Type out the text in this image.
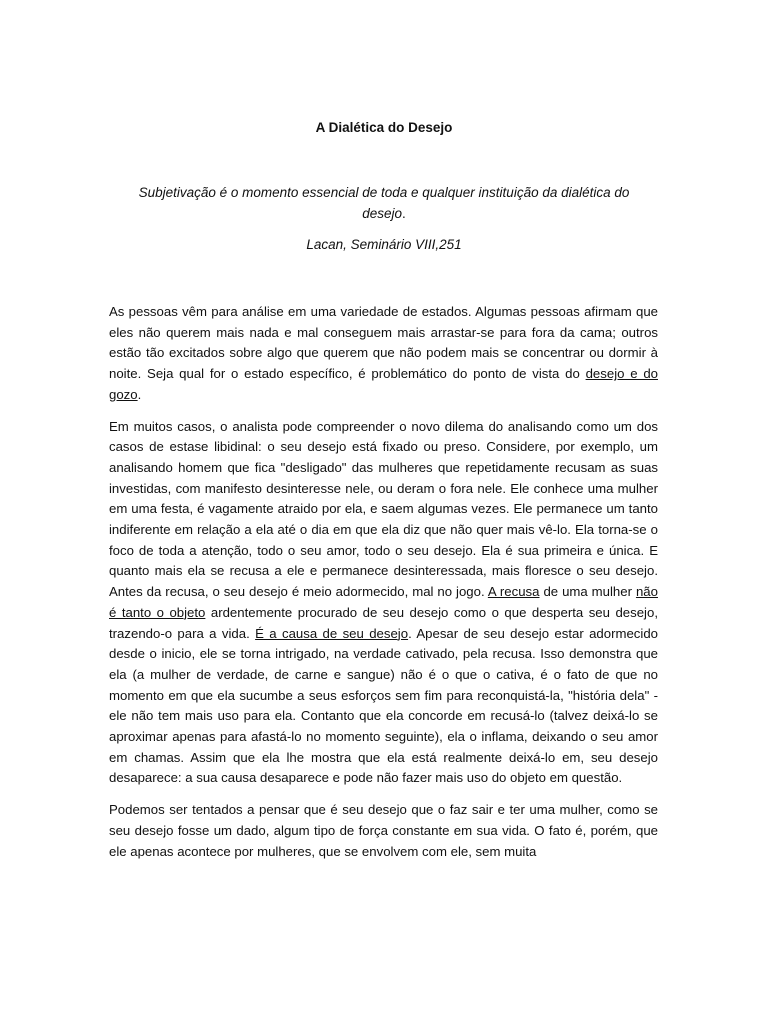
A Dialética do Desejo
Subjetivação é o momento essencial de toda e qualquer instituição da dialética do desejo.
Lacan, Seminário VIII,251

As pessoas vêm para análise em uma variedade de estados. Algumas pessoas afirmam que eles não querem mais nada e mal conseguem mais arrastar-se para fora da cama; outros estão tão excitados sobre algo que querem que não podem mais se concentrar ou dormir à noite. Seja qual for o estado específico, é problemático do ponto de vista do desejo e do gozo.

Em muitos casos, o analista pode compreender o novo dilema do analisando como um dos casos de estase libidinal: o seu desejo está fixado ou preso. Considere, por exemplo, um analisando homem que fica "desligado" das mulheres que repetidamente recusam as suas investidas, com manifesto desinteresse nele, ou deram o fora nele. Ele conhece uma mulher em uma festa, é vagamente atraido por ela, e saem algumas vezes. Ele permanece um tanto indiferente em relação a ela até o dia em que ela diz que não quer mais vê-lo. Ela torna-se o foco de toda a atenção, todo o seu amor, todo o seu desejo. Ela é sua primeira e única. E quanto mais ela se recusa a ele e permanece desinteressada, mais floresce o seu desejo. Antes da recusa, o seu desejo é meio adormecido, mal no jogo. A recusa de uma mulher não é tanto o objeto ardentemente procurado de seu desejo como o que desperta seu desejo, trazendo-o para a vida. É a causa de seu desejo. Apesar de seu desejo estar adormecido desde o inicio, ele se torna intrigado, na verdade cativado, pela recusa. Isso demonstra que ela (a mulher de verdade, de carne e sangue) não é o que o cativa, é o fato de que no momento em que ela sucumbe a seus esforços sem fim para reconquistá-la, "história dela" - ele não tem mais uso para ela. Contanto que ela concorde em recusá-lo (talvez deixá-lo se aproximar apenas para afastá-lo no momento seguinte), ela o inflama, deixando o seu amor em chamas. Assim que ela lhe mostra que ela está realmente deixá-lo em, seu desejo desaparece: a sua causa desaparece e pode não fazer mais uso do objeto em questão.

Podemos ser tentados a pensar que é seu desejo que o faz sair e ter uma mulher, como se seu desejo fosse um dado, algum tipo de força constante em sua vida. O fato é, porém, que ele apenas acontece por mulheres, que se envolvem com ele, sem muita
